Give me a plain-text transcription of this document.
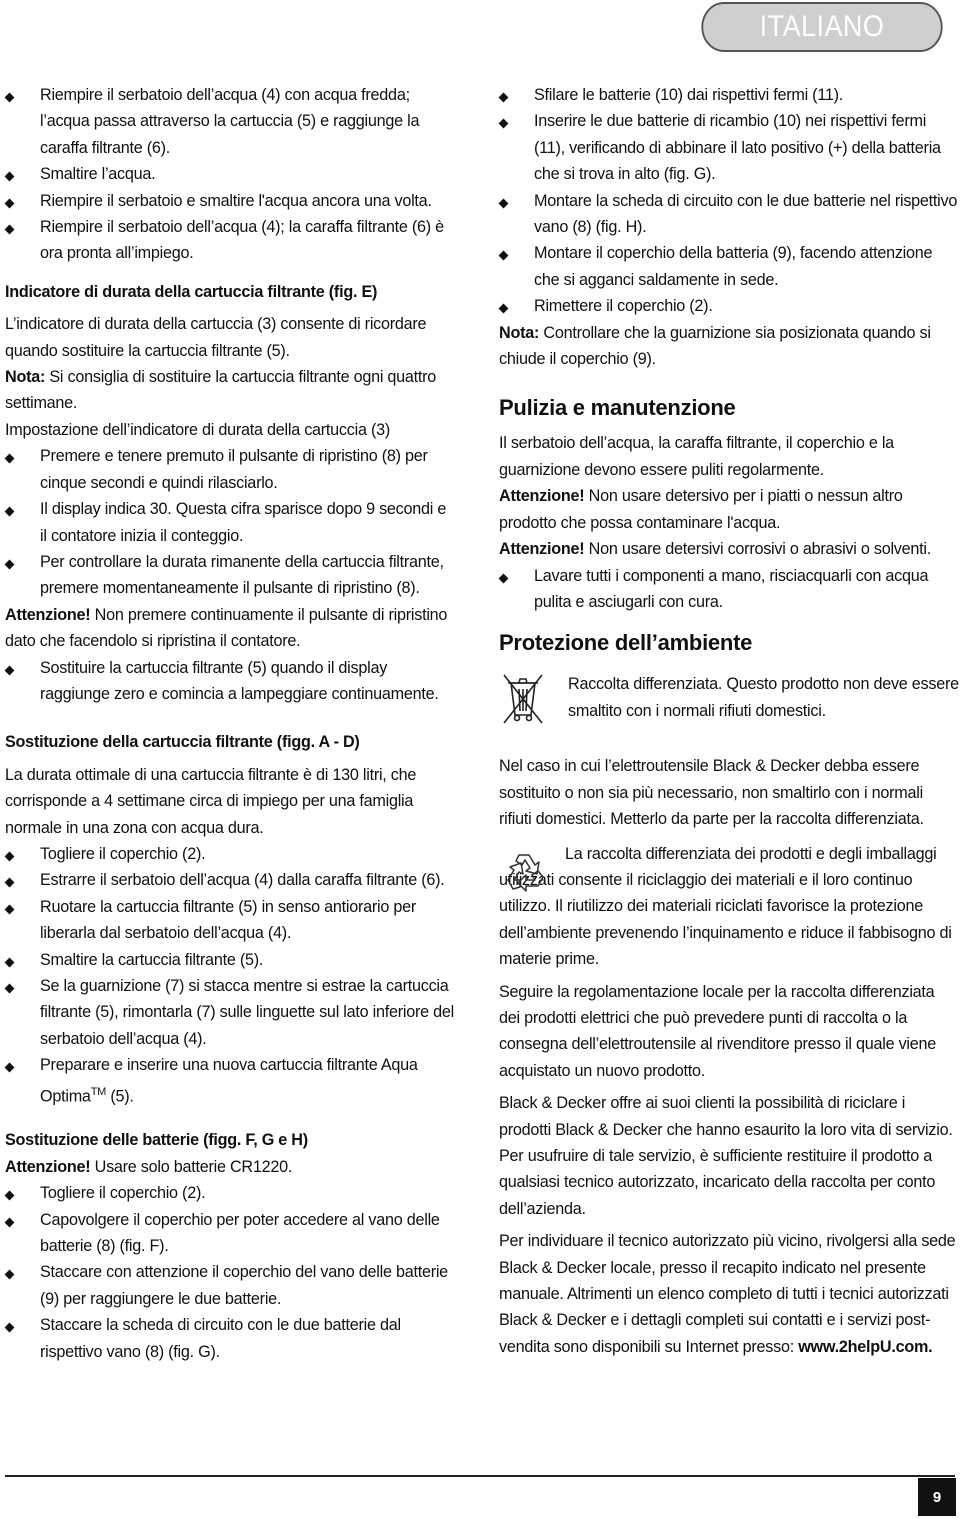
ITALIANO

Riempire il serbatoio dell’acqua (4) con acqua fredda; l’acqua passa attraverso la cartuccia (5) e raggiunge la caraffa filtrante (6).

Smaltire l’acqua.

Riempire il serbatoio e smaltire l'acqua ancora una volta.

Riempire il serbatoio dell’acqua (4); la caraffa filtrante (6) è ora pronta all’impiego.

Indicatore di durata della cartuccia filtrante (fig. E)

L’indicatore di durata della cartuccia (3) consente di ricordare quando sostituire la cartuccia filtrante (5).

Nota: Si consiglia di sostituire la cartuccia filtrante ogni quattro settimane.

Impostazione dell’indicatore di durata della cartuccia (3)

Premere e tenere premuto il pulsante di ripristino (8) per cinque secondi e quindi rilasciarlo.

Il display indica 30. Questa cifra sparisce dopo 9 secondi e il contatore inizia il conteggio.

Per controllare la durata rimanente della cartuccia filtrante, premere momentaneamente il pulsante di ripristino (8).

Attenzione! Non premere continuamente il pulsante di ripristino dato che facendolo si ripristina il contatore.

Sostituire la cartuccia filtrante (5) quando il display raggiunge zero e comincia a lampeggiare continuamente.

Sostituzione della cartuccia filtrante (figg. A - D)

La durata ottimale di una cartuccia filtrante è di 130 litri, che corrisponde a 4 settimane circa di impiego per una famiglia normale in una zona con acqua dura.

Togliere il coperchio (2).

Estrarre il serbatoio dell’acqua (4) dalla caraffa filtrante (6).

Ruotare la cartuccia filtrante (5) in senso antiorario per liberarla dal serbatoio dell’acqua (4).

Smaltire la cartuccia filtrante (5).

Se la guarnizione (7) si stacca mentre si estrae la cartuccia filtrante (5), rimontarla (7) sulle linguette sul lato inferiore del serbatoio dell’acqua (4).

Preparare e inserire una nuova cartuccia filtrante Aqua Optima™ (5).

Sostituzione delle batterie (figg. F, G e H)

Attenzione! Usare solo batterie CR1220.

Togliere il coperchio (2).

Capovolgere il coperchio per poter accedere al vano delle batterie (8) (fig. F).

Staccare con attenzione il coperchio del vano delle batterie (9) per raggiungere le due batterie.

Staccare la scheda di circuito con le due batterie dal rispettivo vano (8) (fig. G).

Sfilare le batterie (10) dai rispettivi fermi (11).

Inserire le due batterie di ricambio (10) nei rispettivi fermi (11), verificando di abbinare il lato positivo (+) della batteria che si trova in alto (fig. G).

Montare la scheda di circuito con le due batterie nel rispettivo vano (8) (fig. H).

Montare il coperchio della batteria (9), facendo attenzione che si agganci saldamente in sede.

Rimettere il coperchio (2).

Nota: Controllare che la guarnizione sia posizionata quando si chiude il coperchio (9).

Pulizia e manutenzione

Il serbatoio dell’acqua, la caraffa filtrante, il coperchio e la guarnizione devono essere puliti regolarmente.

Attenzione! Non usare detersivo per i piatti o nessun altro prodotto che possa contaminare l'acqua.

Attenzione! Non usare detersivi corrosivi o abrasivi o solventi.

Lavare tutti i componenti a mano, risciacquarli con acqua pulita e asciugarli con cura.

Protezione dell’ambiente

Raccolta differenziata. Questo prodotto non deve essere smaltito con i normali rifiuti domestici.

Nel caso in cui l’elettroutensile Black & Decker debba essere sostituito o non sia più necessario, non smaltirlo con i normali rifiuti domestici. Metterlo da parte per la raccolta differenziata.

La raccolta differenziata dei prodotti e degli imballaggi utilizzati consente il riciclaggio dei materiali e il loro continuo utilizzo. Il riutilizzo dei materiali riciclati favorisce la protezione dell’ambiente prevenendo l’inquinamento e riduce il fabbisogno di materie prime.

Seguire la regolamentazione locale per la raccolta differenziata dei prodotti elettrici che può prevedere punti di raccolta o la consegna dell’elettroutensile al rivenditore presso il quale viene acquistato un nuovo prodotto.

Black & Decker offre ai suoi clienti la possibilità di riciclare i prodotti Black & Decker che hanno esaurito la loro vita di servizio. Per usufruire di tale servizio, è sufficiente restituire il prodotto a qualsiasi tecnico autorizzato, incaricato della raccolta per conto dell’azienda.

Per individuare il tecnico autorizzato più vicino, rivolgersi alla sede Black & Decker locale, presso il recapito indicato nel presente manuale. Altrimenti un elenco completo di tutti i tecnici autorizzati Black & Decker e i dettagli completi sui contatti e i servizi post-vendita sono disponibili su Internet presso: www.2helpU.com.

9
